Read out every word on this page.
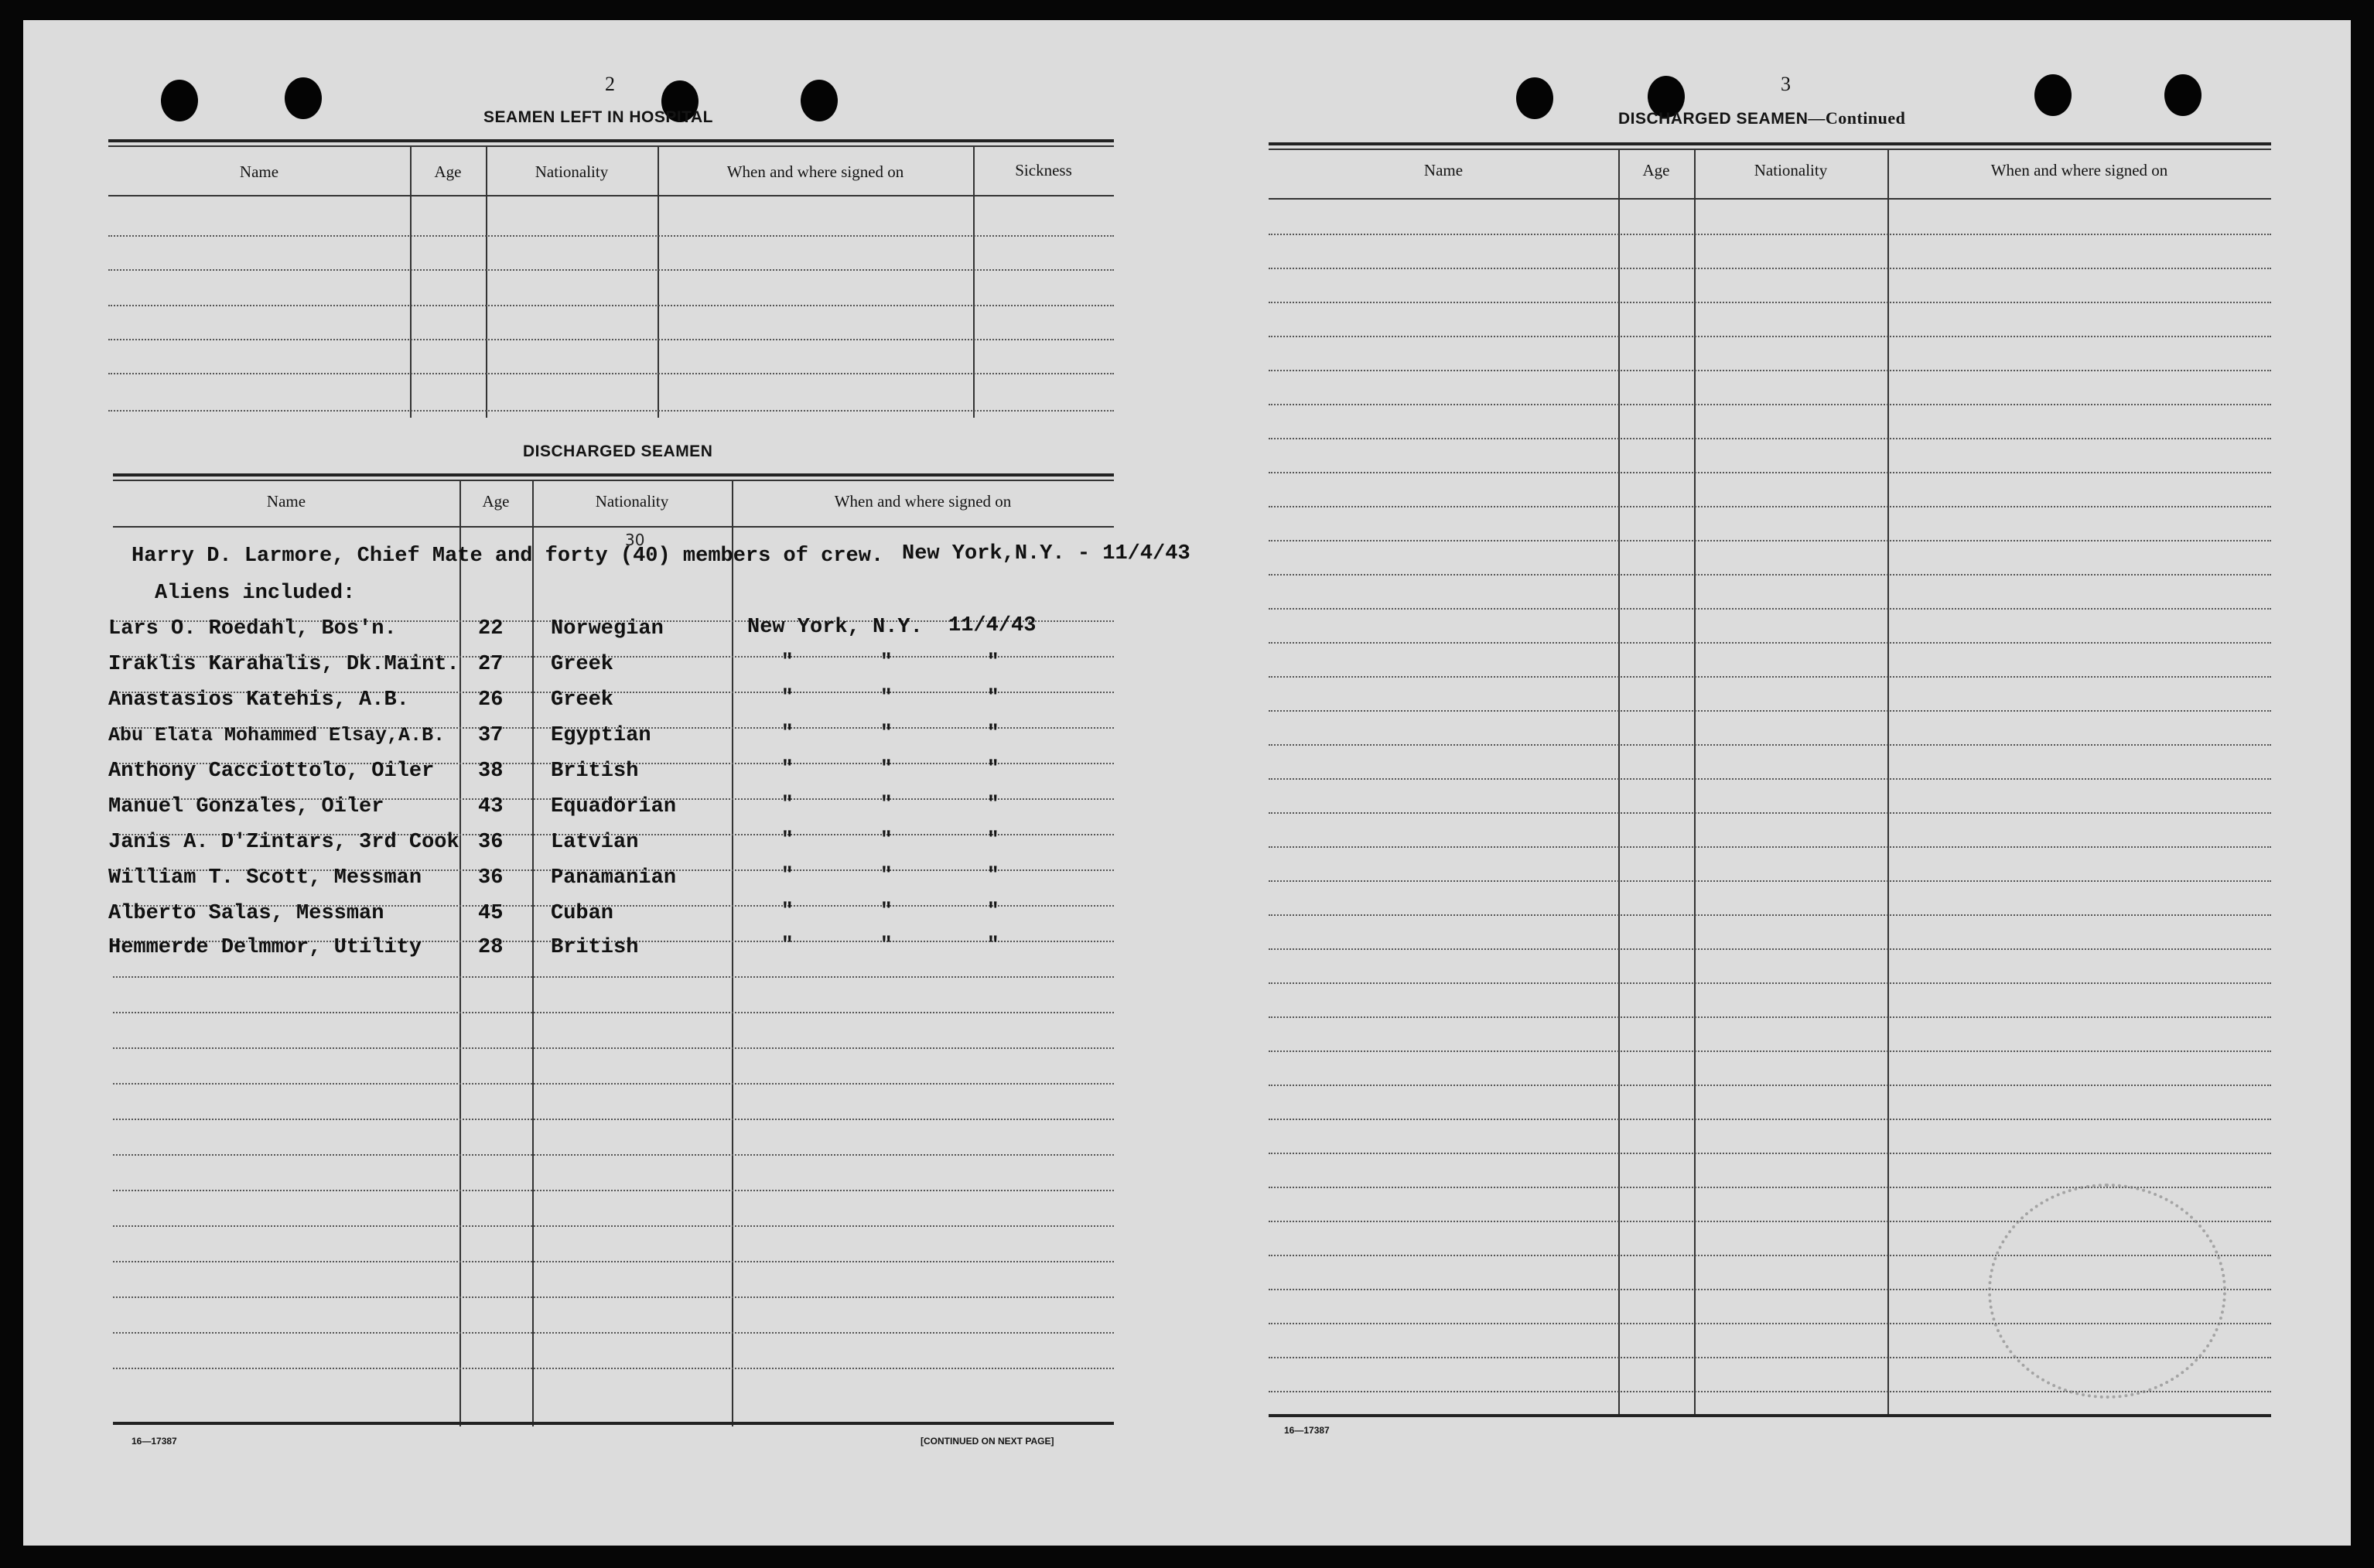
2
SEAMEN LEFT IN HOSPITAL
Name	Age	Nationality	When and where signed on	Sickness
DISCHARGED SEAMEN
Name	Age	Nationality	When and where signed on
Harry D. Larmore, Chief Mate and forty (40) members of crew.
30
New York,N.Y. - 11/4/43
Aliens included:
Lars O. Roedahl, Bos'n.	22 Norwegian	New York, N.Y. 11/4/43
Iraklis Karahalis, Dk.Maint. 27 Greek	"	"	"
Anastasios Katehis, A.B.	26 Greek	"	"	"
Abu Elata Mohammed Elsay,A.B. 37 Egyptian	"	"	"
Anthony Cacciottolo, Oiler 38 British	"	"	"
Manuel Gonzales, Oiler	43 Equadorian	"	"	"
Janis A. D'Zintars, 3rd Cook 36 Latvian	"	"	"
William T. Scott, Messman	36 Panamanian	"	"	"
Alberto Salas, Messman	45 Cuban	"	"	"
Hemmerde Delmmor, Utility	28 British	"	"	"
16—17387	[CONTINUED ON NEXT PAGE]
3
DISCHARGED SEAMEN—Continued
Name	Age	Nationality	When and where signed on
16—17387
